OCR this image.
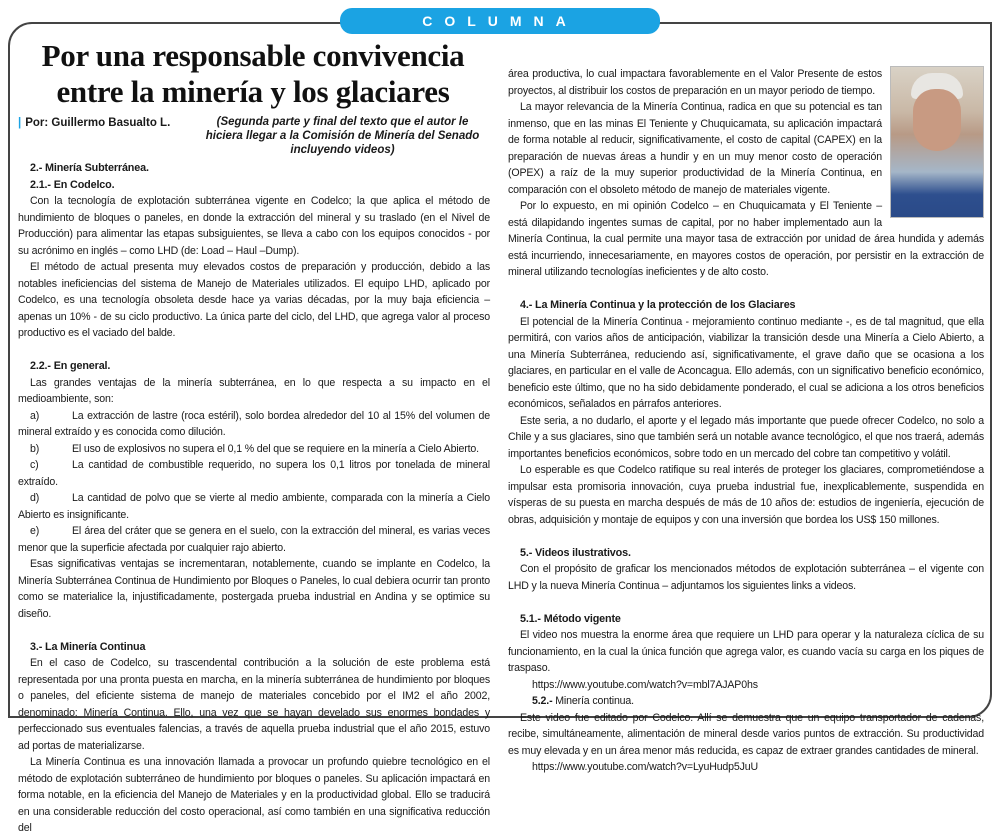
COLUMNA
Por una responsable convivencia entre la minería y los glaciares
| Por: Guillermo Basualto L.	(Segunda parte y final del texto que el autor le hiciera llegar a la Comisión de Minería del Senado incluyendo videos)
2.- Minería Subterránea.
2.1.- En Codelco.

Con la tecnología de explotación subterránea vigente en Codelco; la que aplica el método de hundimiento de bloques o paneles, en donde la extracción del mineral y su traslado (en el Nivel de Producción) para alimentar las etapas subsiguientes, se lleva a cabo con los equipos conocidos - por su acrónimo en inglés – como LHD (de: Load – Haul –Dump).

El método de actual presenta muy elevados costos de preparación y producción, debido a las notables ineficiencias del sistema de Manejo de Materiales utilizados. El equipo LHD, aplicado por Codelco, es una tecnología obsoleta desde hace ya varias décadas, por la muy baja eficiencia – apenas un 10% - de su ciclo productivo. La única parte del ciclo, del LHD, que agrega valor al proceso productivo es el vaciado del balde.

2.2.- En general.

Las grandes ventajas de la minería subterránea, en lo que respecta a su impacto en el medioambiente, son:

a)	La extracción de lastre (roca estéril), solo bordea alrededor del 10 al 15% del volumen de mineral extraído y es conocida como dilución.

b)	El uso de explosivos no supera el 0,1 % del que se requiere en la minería a Cielo Abierto.

c)	La cantidad de combustible requerido, no supera los 0,1 litros por tonelada de mineral extraído.

d)	La cantidad de polvo que se vierte al medio ambiente, comparada con la minería a Cielo Abierto es insignificante.

e)	El área del cráter que se genera en el suelo, con la extracción del mineral, es varias veces menor que la superficie afectada por cualquier rajo abierto.

Esas significativas ventajas se incrementaran, notablemente, cuando se implante en Codelco, la Minería Subterránea Continua de Hundimiento por Bloques o Paneles, lo cual debiera ocurrir tan pronto como se materialice la, injustificadamente, postergada prueba industrial en Andina y se optimice su diseño.

3.- La Minería Continua

En el caso de Codelco, su trascendental contribución a la solución de este problema está representada por una pronta puesta en marcha, en la minería subterránea de hundimiento por bloques o paneles, del eficiente sistema de manejo de materiales concebido por el IM2 el año 2002, denominado: Minería Continua. Ello, una vez que se hayan develado sus enormes bondades y perfeccionado sus eventuales falencias, a través de aquella prueba industrial que el año 2015, estuvo ad portas de materializarse.

La Minería Continua es una innovación llamada a provocar un profundo quiebre tecnológico en el método de explotación subterráneo de hundimiento por bloques o paneles. Su aplicación impactará en forma notable, en la eficiencia del Manejo de Materiales y en la productividad global. Ello se traducirá en una considerable reducción del costo operacional, así como también en una significativa reducción del

área productiva, lo cual impactara favorablemente en el Valor Presente de estos proyectos, al distribuir los costos de preparación en un mayor periodo de tiempo.

La mayor relevancia de la Minería Continua, radica en que su potencial es tan inmenso, que en las minas El Teniente y Chuquicamata, su aplicación impactará de forma notable al reducir, significativamente, el costo de capital (CAPEX) en la preparación de nuevas áreas a hundir y en un muy menor costo de operación (OPEX) a raíz de la muy superior productividad de la Minería Continua, en comparación con el obsoleto método de manejo de materiales vigente.

Por lo expuesto, en mi opinión Codelco – en Chuquicamata y El Teniente – está dilapidando ingentes sumas de capital, por no haber implementado aun la Minería Continua, la cual permite una mayor tasa de extracción por unidad de área hundida y además está incurriendo, innecesariamente, en mayores costos de operación, por persistir en la extracción de mineral utilizando tecnologías ineficientes y de alto costo.

4.- La Minería Continua y la protección de los Glaciares

El potencial de la Minería Continua - mejoramiento continuo mediante -, es de tal magnitud, que ella permitirá, con varios años de anticipación, viabilizar la transición desde una Minería a Cielo Abierto, a una Minería Subterránea, reduciendo así, significativamente, el grave daño que se ocasiona a los glaciares, en particular en el valle de Aconcagua. Ello además, con un significativo beneficio económico, beneficio este último, que no ha sido debidamente ponderado, el cual se adiciona a los otros beneficios económicos, señalados en párrafos anteriores.

Este seria, a no dudarlo, el aporte y el legado más importante que puede ofrecer Codelco, no solo a Chile y a sus glaciares, sino que también será un notable avance tecnológico, el que nos traerá, además importantes beneficios económicos, sobre todo en un mercado del cobre tan competitivo y volátil.

Lo esperable es que Codelco ratifique su real interés de proteger los glaciares, comprometiéndose a impulsar esta promisoria innovación, cuya prueba industrial fue, inexplicablemente, suspendida en vísperas de su puesta en marcha después de más de 10 años de: estudios de ingeniería, ejecución de obras, adquisición y montaje de equipos y con una inversión que bordea los US$ 150 millones.

5.- Videos ilustrativos.

Con el propósito de graficar los mencionados métodos de explotación subterránea – el vigente con LHD y la nueva Minería Continua – adjuntamos los siguientes links a videos.

5.1.- Método vigente

El video nos muestra la enorme área que requiere un LHD para operar y la naturaleza cíclica de su funcionamiento, en la cual la única función que agrega valor, es cuando vacía su carga en los piques de traspaso.

https://www.youtube.com/watch?v=mbl7AJAP0hs

5.2.- Minería continua.

Este video fue editado por Codelco. Allí se demuestra que un equipo transportador de cadenas, recibe, simultáneamente, alimentación de mineral desde varios puntos de extracción. Su productividad es muy elevada y en un área menor más reducida, es capaz de extraer grandes cantidades de mineral.

https://www.youtube.com/watch?v=LyuHudp5JuU
